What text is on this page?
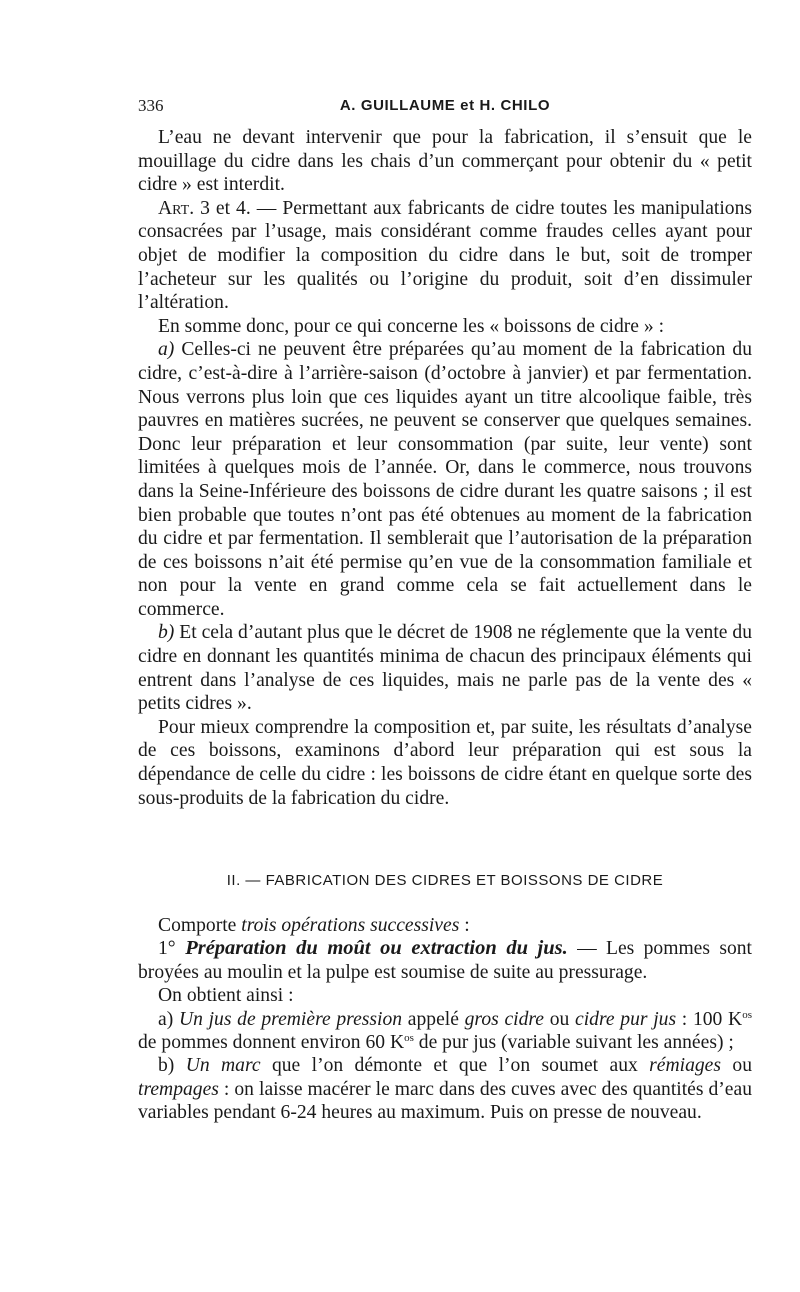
336	A. GUILLAUME et H. CHILO

L’eau ne devant intervenir que pour la fabrication, il s’ensuit que le mouillage du cidre dans les chais d’un commerçant pour obtenir du « petit cidre » est interdit.

Art. 3 et 4. — Permettant aux fabricants de cidre toutes les manipulations consacrées par l’usage, mais considérant comme fraudes celles ayant pour objet de modifier la composition du cidre dans le but, soit de tromper l’acheteur sur les qualités ou l’origine du produit, soit d’en dissimuler l’altération.

En somme donc, pour ce qui concerne les « boissons de cidre » :

a) Celles-ci ne peuvent être préparées qu’au moment de la fabrication du cidre, c’est-à-dire à l’arrière-saison (d’octobre à janvier) et par fermentation. Nous verrons plus loin que ces liquides ayant un titre alcoolique faible, très pauvres en matières sucrées, ne peuvent se conserver que quelques semaines. Donc leur préparation et leur consommation (par suite, leur vente) sont limitées à quelques mois de l’année. Or, dans le commerce, nous trouvons dans la Seine-Inférieure des boissons de cidre durant les quatre saisons ; il est bien probable que toutes n’ont pas été obtenues au moment de la fabrication du cidre et par fermentation. Il semblerait que l’autorisation de la préparation de ces boissons n’ait été permise qu’en vue de la consommation familiale et non pour la vente en grand comme cela se fait actuellement dans le commerce.

b) Et cela d’autant plus que le décret de 1908 ne réglemente que la vente du cidre en donnant les quantités minima de chacun des principaux éléments qui entrent dans l’analyse de ces liquides, mais ne parle pas de la vente des « petits cidres ».

Pour mieux comprendre la composition et, par suite, les résultats d’analyse de ces boissons, examinons d’abord leur préparation qui est sous la dépendance de celle du cidre : les boissons de cidre étant en quelque sorte des sous-produits de la fabrication du cidre.

II. — FABRICATION DES CIDRES ET BOISSONS DE CIDRE

Comporte trois opérations successives :

1° Préparation du moût ou extraction du jus. — Les pommes sont broyées au moulin et la pulpe est soumise de suite au pressurage.

On obtient ainsi :

a) Un jus de première pression appelé gros cidre ou cidre pur jus : 100 $K^{os}$ de pommes donnent environ 60 $K^{os}$ de pur jus (variable suivant les années) ;

b) Un marc que l’on démonte et que l’on soumet aux rémiages ou trempages : on laisse macérer le marc dans des cuves avec des quantités d’eau variables pendant 6-24 heures au maximum. Puis on presse de nouveau.
